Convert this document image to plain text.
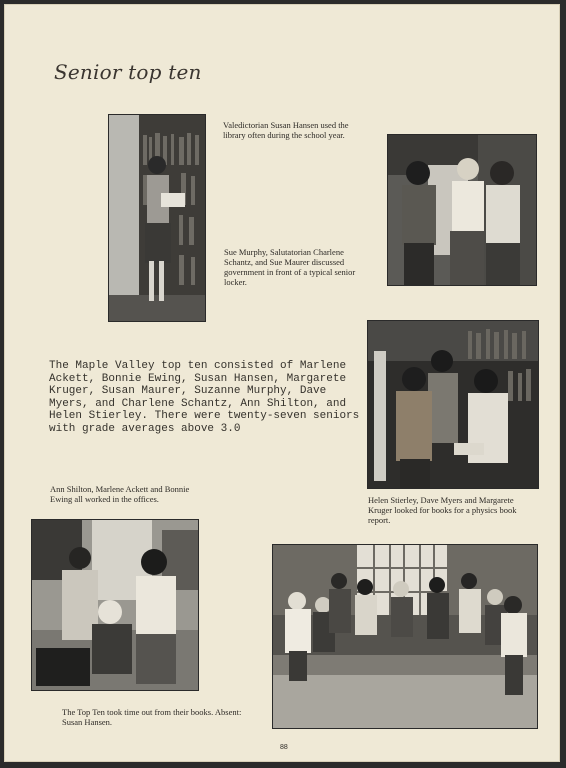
Senior top ten
Valedictorian Susan Hansen used the library often during the school year.
Sue Murphy, Salutatorian Charlene Schantz, and Sue Maurer discussed government in front of a typical senior locker.
The Maple Valley top ten consisted of Marlene Ackett, Bonnie Ewing, Susan Hansen, Margarete Kruger, Susan Maurer, Suzanne Murphy, Dave Myers, and Charlene Schantz, Ann Shilton, and Helen Stierley. There were twenty-seven seniors with grade averages above 3.0
Helen Stierley, Dave Myers and Margarete Kruger looked for books for a physics book report.
Ann Shilton, Marlene Ackett and Bonnie Ewing all worked in the offices.
The Top Ten took time out from their books. Absent: Susan Hansen.
88
